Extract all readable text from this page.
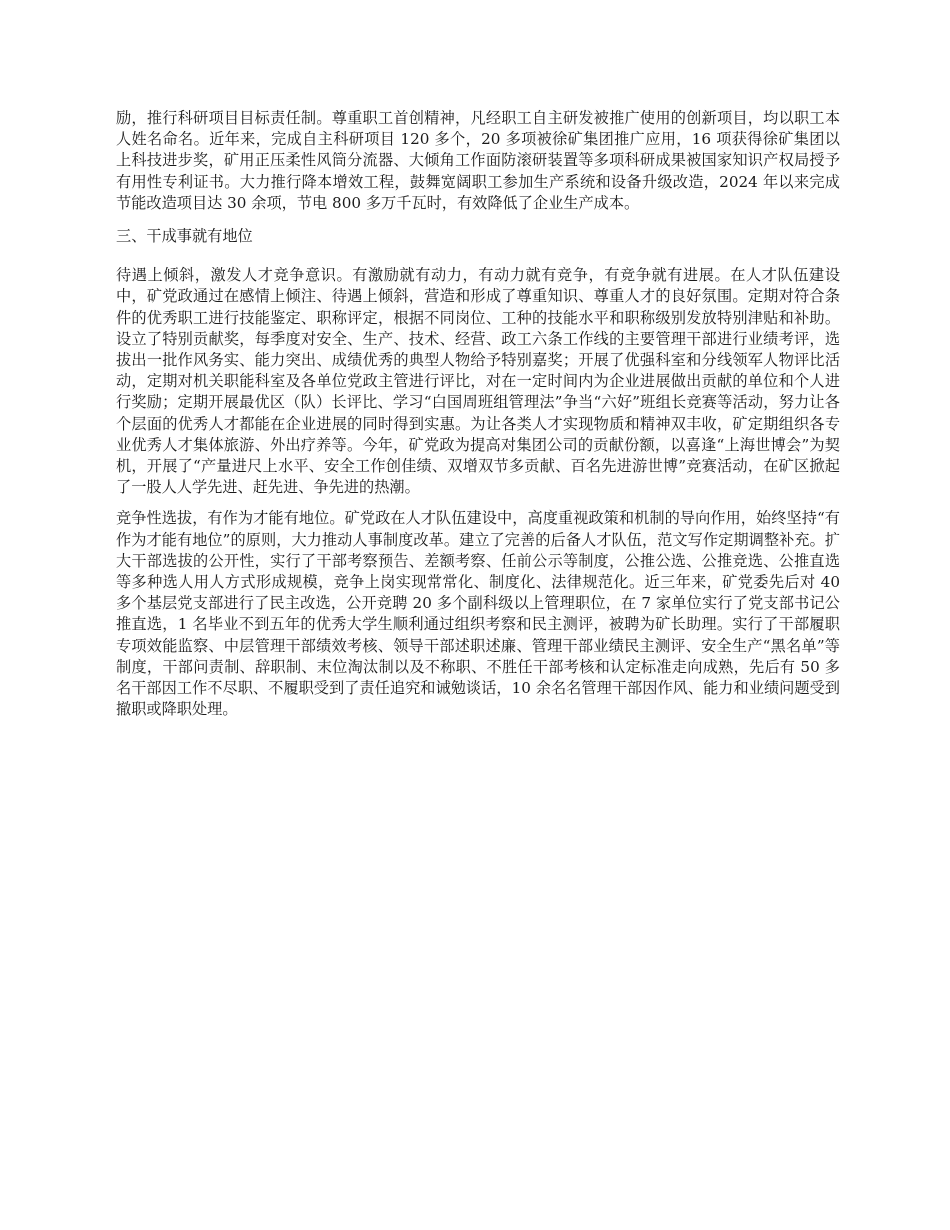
励，推行科研项目目标责任制。尊重职工首创精神，凡经职工自主研发被推广使用的创新项目，均以职工本人姓名命名。近年来，完成自主科研项目 120 多个，20 多项被徐矿集团推广应用，16 项获得徐矿集团以上科技进步奖，矿用正压柔性风筒分流器、大倾角工作面防滚研装置等多项科研成果被国家知识产权局授予有用性专利证书。大力推行降本增效工程，鼓舞宽阔职工参加生产系统和设备升级改造，2024 年以来完成节能改造项目达 30 余项，节电 800 多万千瓦时，有效降低了企业生产成本。

三、干成事就有地位

待遇上倾斜，激发人才竞争意识。有激励就有动力，有动力就有竞争，有竞争就有进展。在人才队伍建设中，矿党政通过在感情上倾注、待遇上倾斜，营造和形成了尊重知识、尊重人才的良好氛围。定期对符合条件的优秀职工进行技能鉴定、职称评定，根据不同岗位、工种的技能水平和职称级别发放特别津贴和补助。设立了特别贡献奖，每季度对安全、生产、技术、经营、政工六条工作线的主要管理干部进行业绩考评，选拔出一批作风务实、能力突出、成绩优秀的典型人物给予特别嘉奖；开展了优强科室和分线领军人物评比活动，定期对机关职能科室及各单位党政主管进行评比，对在一定时间内为企业进展做出贡献的单位和个人进行奖励；定期开展最优区（队）长评比、学习“白国周班组管理法”争当“六好”班组长竞赛等活动，努力让各个层面的优秀人才都能在企业进展的同时得到实惠。为让各类人才实现物质和精神双丰收，矿定期组织各专业优秀人才集体旅游、外出疗养等。今年，矿党政为提高对集团公司的贡献份额，以喜逢“上海世博会”为契机，开展了“产量进尺上水平、安全工作创佳绩、双增双节多贡献、百名先进游世博”竞赛活动，在矿区掀起了一股人人学先进、赶先进、争先进的热潮。

竞争性选拔，有作为才能有地位。矿党政在人才队伍建设中，高度重视政策和机制的导向作用，始终坚持“有作为才能有地位”的原则，大力推动人事制度改革。建立了完善的后备人才队伍，范文写作定期调整补充。扩大干部选拔的公开性，实行了干部考察预告、差额考察、任前公示等制度，公推公选、公推竞选、公推直选等多种选人用人方式形成规模，竞争上岗实现常常化、制度化、法律规范化。近三年来，矿党委先后对 40 多个基层党支部进行了民主改选，公开竞聘 20 多个副科级以上管理职位，在 7 家单位实行了党支部书记公推直选，1 名毕业不到五年的优秀大学生顺利通过组织考察和民主测评，被聘为矿长助理。实行了干部履职专项效能监察、中层管理干部绩效考核、领导干部述职述廉、管理干部业绩民主测评、安全生产“黑名单”等制度，干部问责制、辞职制、末位淘汰制以及不称职、不胜任干部考核和认定标准走向成熟，先后有 50 多名干部因工作不尽职、不履职受到了责任追究和诫勉谈话，10 余名名管理干部因作风、能力和业绩问题受到撤职或降职处理。
